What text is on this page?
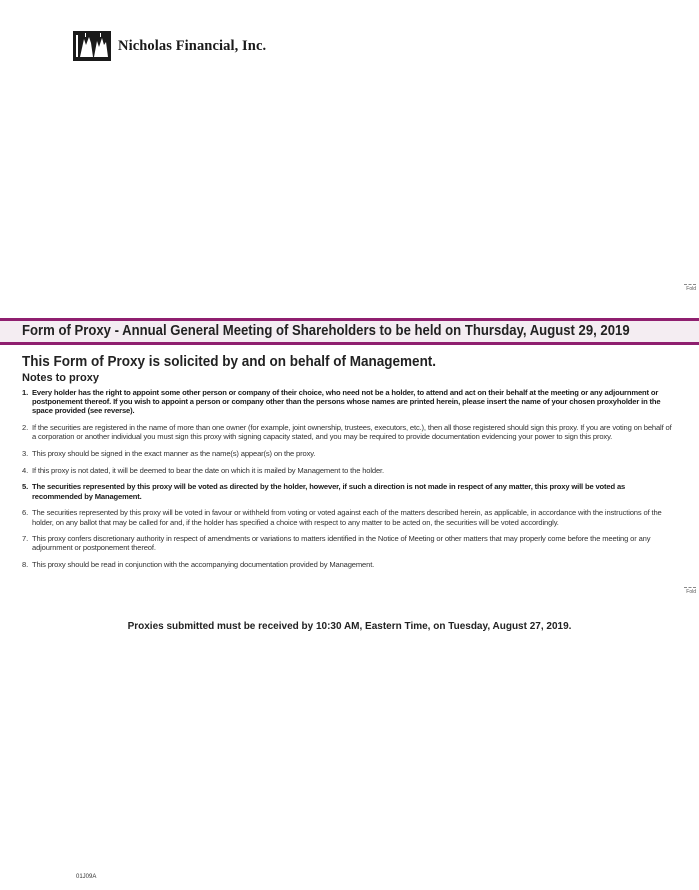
Nicholas Financial, Inc.
Fold
Form of Proxy - Annual General Meeting of Shareholders to be held on Thursday, August 29, 2019
This Form of Proxy is solicited by and on behalf of Management.
Notes to proxy
1. Every holder has the right to appoint some other person or company of their choice, who need not be a holder, to attend and act on their behalf at the meeting or any adjournment or postponement thereof. If you wish to appoint a person or company other than the persons whose names are printed herein, please insert the name of your chosen proxyholder in the space provided (see reverse).
2. If the securities are registered in the name of more than one owner (for example, joint ownership, trustees, executors, etc.), then all those registered should sign this proxy. If you are voting on behalf of a corporation or another individual you must sign this proxy with signing capacity stated, and you may be required to provide documentation evidencing your power to sign this proxy.
3. This proxy should be signed in the exact manner as the name(s) appear(s) on the proxy.
4. If this proxy is not dated, it will be deemed to bear the date on which it is mailed by Management to the holder.
5. The securities represented by this proxy will be voted as directed by the holder, however, if such a direction is not made in respect of any matter, this proxy will be voted as recommended by Management.
6. The securities represented by this proxy will be voted in favour or withheld from voting or voted against each of the matters described herein, as applicable, in accordance with the instructions of the holder, on any ballot that may be called for and, if the holder has specified a choice with respect to any matter to be acted on, the securities will be voted accordingly.
7. This proxy confers discretionary authority in respect of amendments or variations to matters identified in the Notice of Meeting or other matters that may properly come before the meeting or any adjournment or postponement thereof.
8. This proxy should be read in conjunction with the accompanying documentation provided by Management.
Fold
Proxies submitted must be received by 10:30 AM, Eastern Time, on Tuesday, August 27, 2019.
01J09A
